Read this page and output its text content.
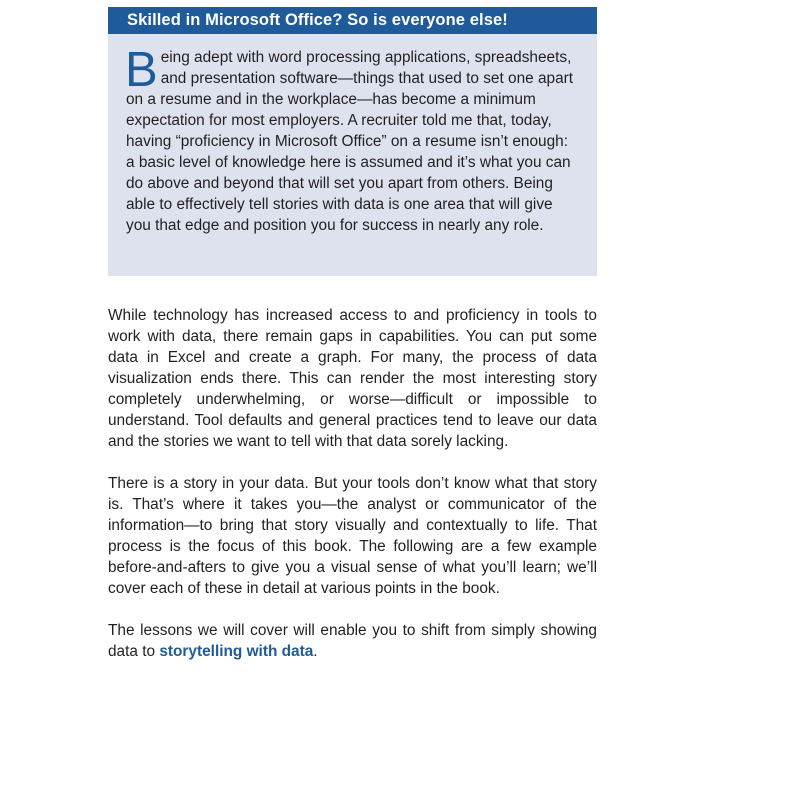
Skilled in Microsoft Office? So is everyone else!
Being adept with word processing applications, spreadsheets, and presentation software—things that used to set one apart on a resume and in the workplace—has become a minimum expectation for most employers. A recruiter told me that, today, having “proficiency in Microsoft Office” on a resume isn’t enough: a basic level of knowledge here is assumed and it’s what you can do above and beyond that will set you apart from others. Being able to effectively tell stories with data is one area that will give you that edge and position you for success in nearly any role.

While technology has increased access to and proficiency in tools to work with data, there remain gaps in capabilities. You can put some data in Excel and create a graph. For many, the process of data visualization ends there. This can render the most interesting story completely underwhelming, or worse—difficult or impossible to understand. Tool defaults and general practices tend to leave our data and the stories we want to tell with that data sorely lacking.

There is a story in your data. But your tools don’t know what that story is. That’s where it takes you—the analyst or communicator of the information—to bring that story visually and contextually to life. That process is the focus of this book. The following are a few example before-and-afters to give you a visual sense of what you’ll learn; we’ll cover each of these in detail at various points in the book.

The lessons we will cover will enable you to shift from simply showing data to storytelling with data.
